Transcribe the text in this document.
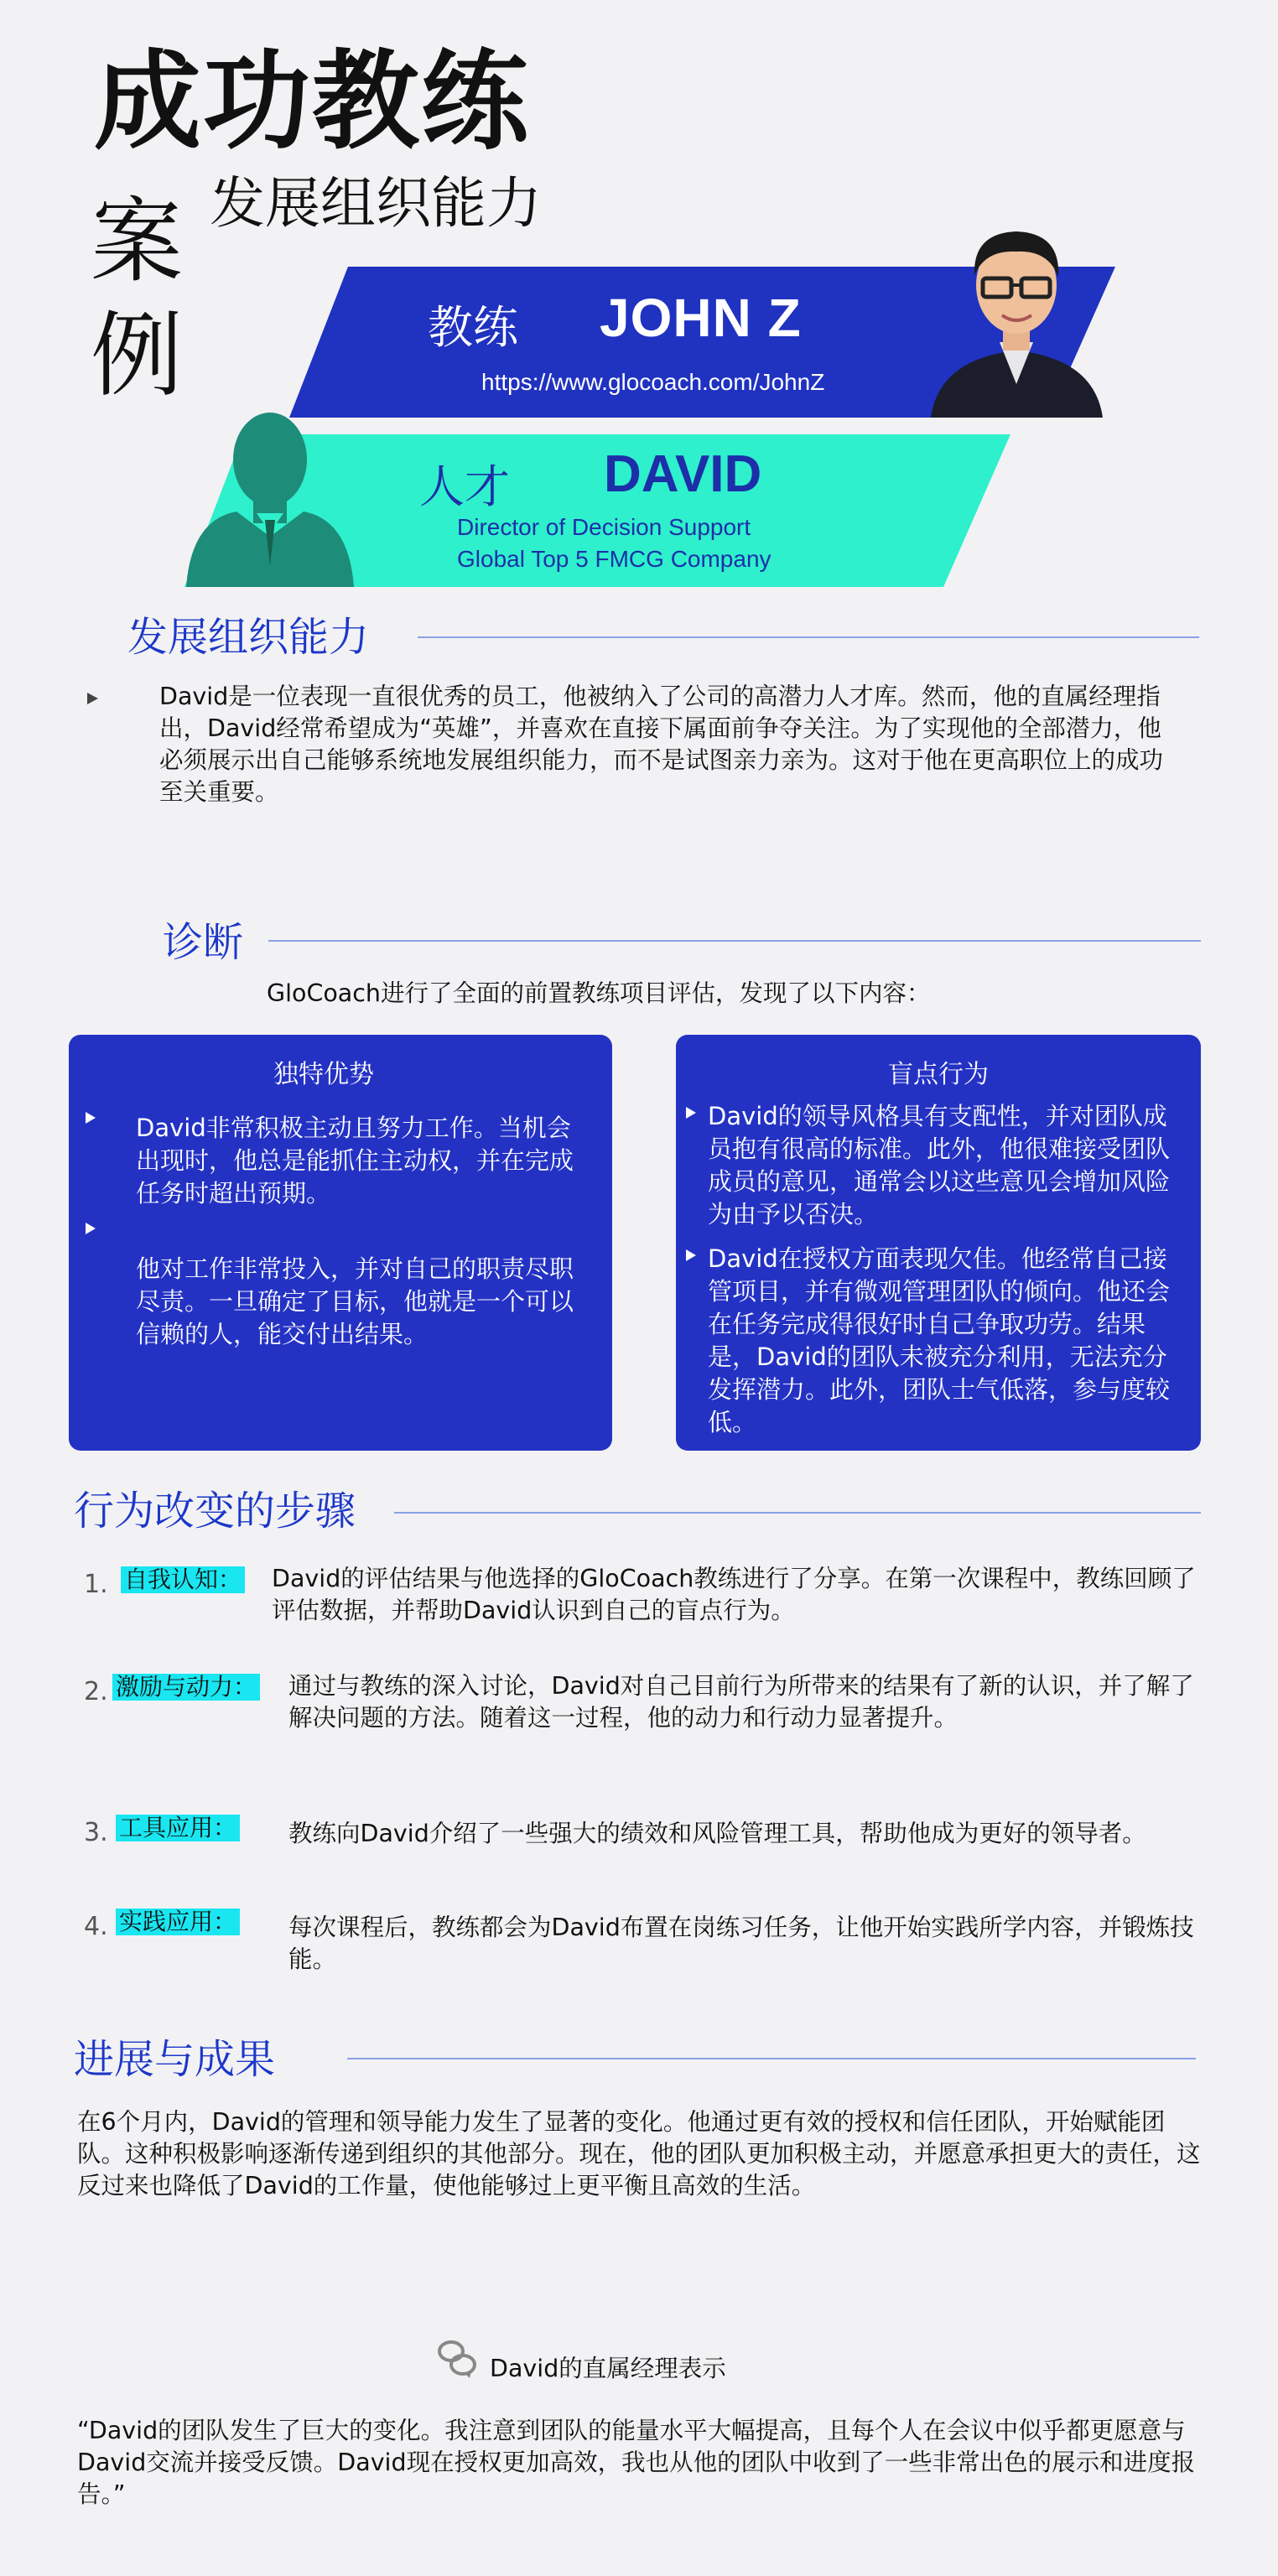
成功教练
案例
发展组织能力
教练 JOHN Z
https://www.glocoach.com/JohnZ
人才 DAVID
Director of Decision Support
Global Top 5 FMCG Company
发展组织能力
David是一位表现一直很优秀的员工，他被纳入了公司的高潜力人才库。然而，他的直属经理指出，David经常希望成为“英雄”，并喜欢在直接下属面前争夺关注。为了实现他的全部潜力，他必须展示出自己能够系统地发展组织能力，而不是试图亲力亲为。这对于他在更高职位上的成功至关重要。
诊断
GloCoach进行了全面的前置教练项目评估，发现了以下内容：
独特优势
David非常积极主动且努力工作。当机会出现时，他总是能抓住主动权，并在完成任务时超出预期。
他对工作非常投入，并对自己的职责尽职尽责。一旦确定了目标，他就是一个可以信赖的人，能交付出结果。
盲点行为
David的领导风格具有支配性，并对团队成员抱有很高的标准。此外，他很难接受团队成员的意见，通常会以这些意见会增加风险为由予以否决。
David在授权方面表现欠佳。他经常自己接管项目，并有微观管理团队的倾向。他还会在任务完成得很好时自己争取功劳。结果是，David的团队未被充分利用，无法充分发挥潜力。此外，团队士气低落，参与度较低。
行为改变的步骤
1. 自我认知： David的评估结果与他选择的GloCoach教练进行了分享。在第一次课程中，教练回顾了评估数据，并帮助David认识到自己的盲点行为。
2. 激励与动力： 通过与教练的深入讨论，David对自己目前行为所带来的结果有了新的认识，并了解了解决问题的方法。随着这一过程，他的动力和行动力显著提升。
3. 工具应用： 教练向David介绍了一些强大的绩效和风险管理工具，帮助他成为更好的领导者。
4. 实践应用： 每次课程后，教练都会为David布置在岗练习任务，让他开始实践所学内容，并锻炼技能。
进展与成果
在6个月内，David的管理和领导能力发生了显著的变化。他通过更有效的授权和信任团队，开始赋能团队。这种积极影响逐渐传递到组织的其他部分。现在，他的团队更加积极主动，并愿意承担更大的责任，这反过来也降低了David的工作量，使他能够过上更平衡且高效的生活。
David的直属经理表示
“David的团队发生了巨大的变化。我注意到团队的能量水平大幅提高，且每个人在会议中似乎都更愿意与David交流并接受反馈。David现在授权更加高效，我也从他的团队中收到了一些非常出色的展示和进度报告。”
